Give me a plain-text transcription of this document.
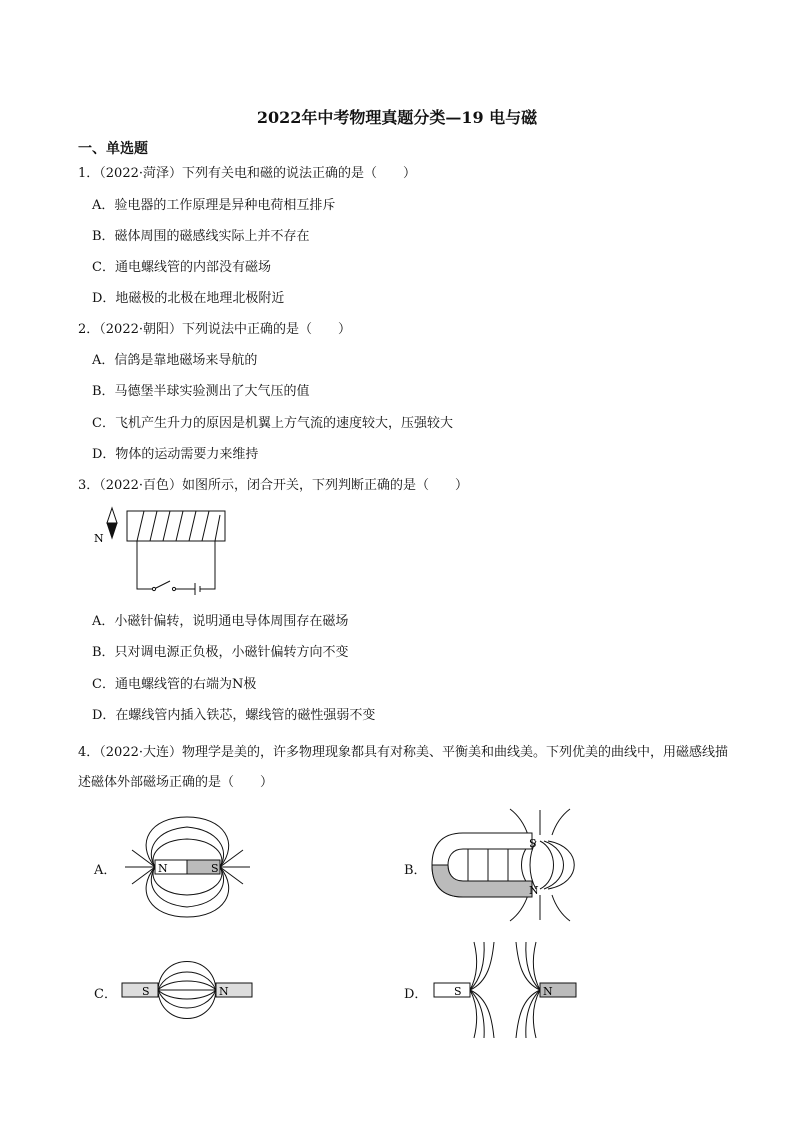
2022年中考物理真题分类—19 电与磁
一、单选题
1．（2022·菏泽）下列有关电和磁的说法正确的是（　　）
A．验电器的工作原理是异种电荷相互排斥
B．磁体周围的磁感线实际上并不存在
C．通电螺线管的内部没有磁场
D．地磁极的北极在地理北极附近
2．（2022·朝阳）下列说法中正确的是（　　）
A．信鸽是靠地磁场来导航的
B．马德堡半球实验测出了大气压的值
C．飞机产生升力的原因是机翼上方气流的速度较大，压强较大
D．物体的运动需要力来维持
3．（2022·百色）如图所示，闭合开关，下列判断正确的是（　　）
N
A．小磁针偏转，说明通电导体周围存在磁场
B．只对调电源正负极，小磁针偏转方向不变
C．通电螺线管的右端为N极
D．在螺线管内插入铁芯，螺线管的磁性强弱不变
4．（2022·大连）物理学是美的，许多物理现象都具有对称美、平衡美和曲线美。下列优美的曲线中，用磁感线描述磁体外部磁场正确的是（　　）
A．	N	S	B．
S
N
C． S	N	D． S	N
